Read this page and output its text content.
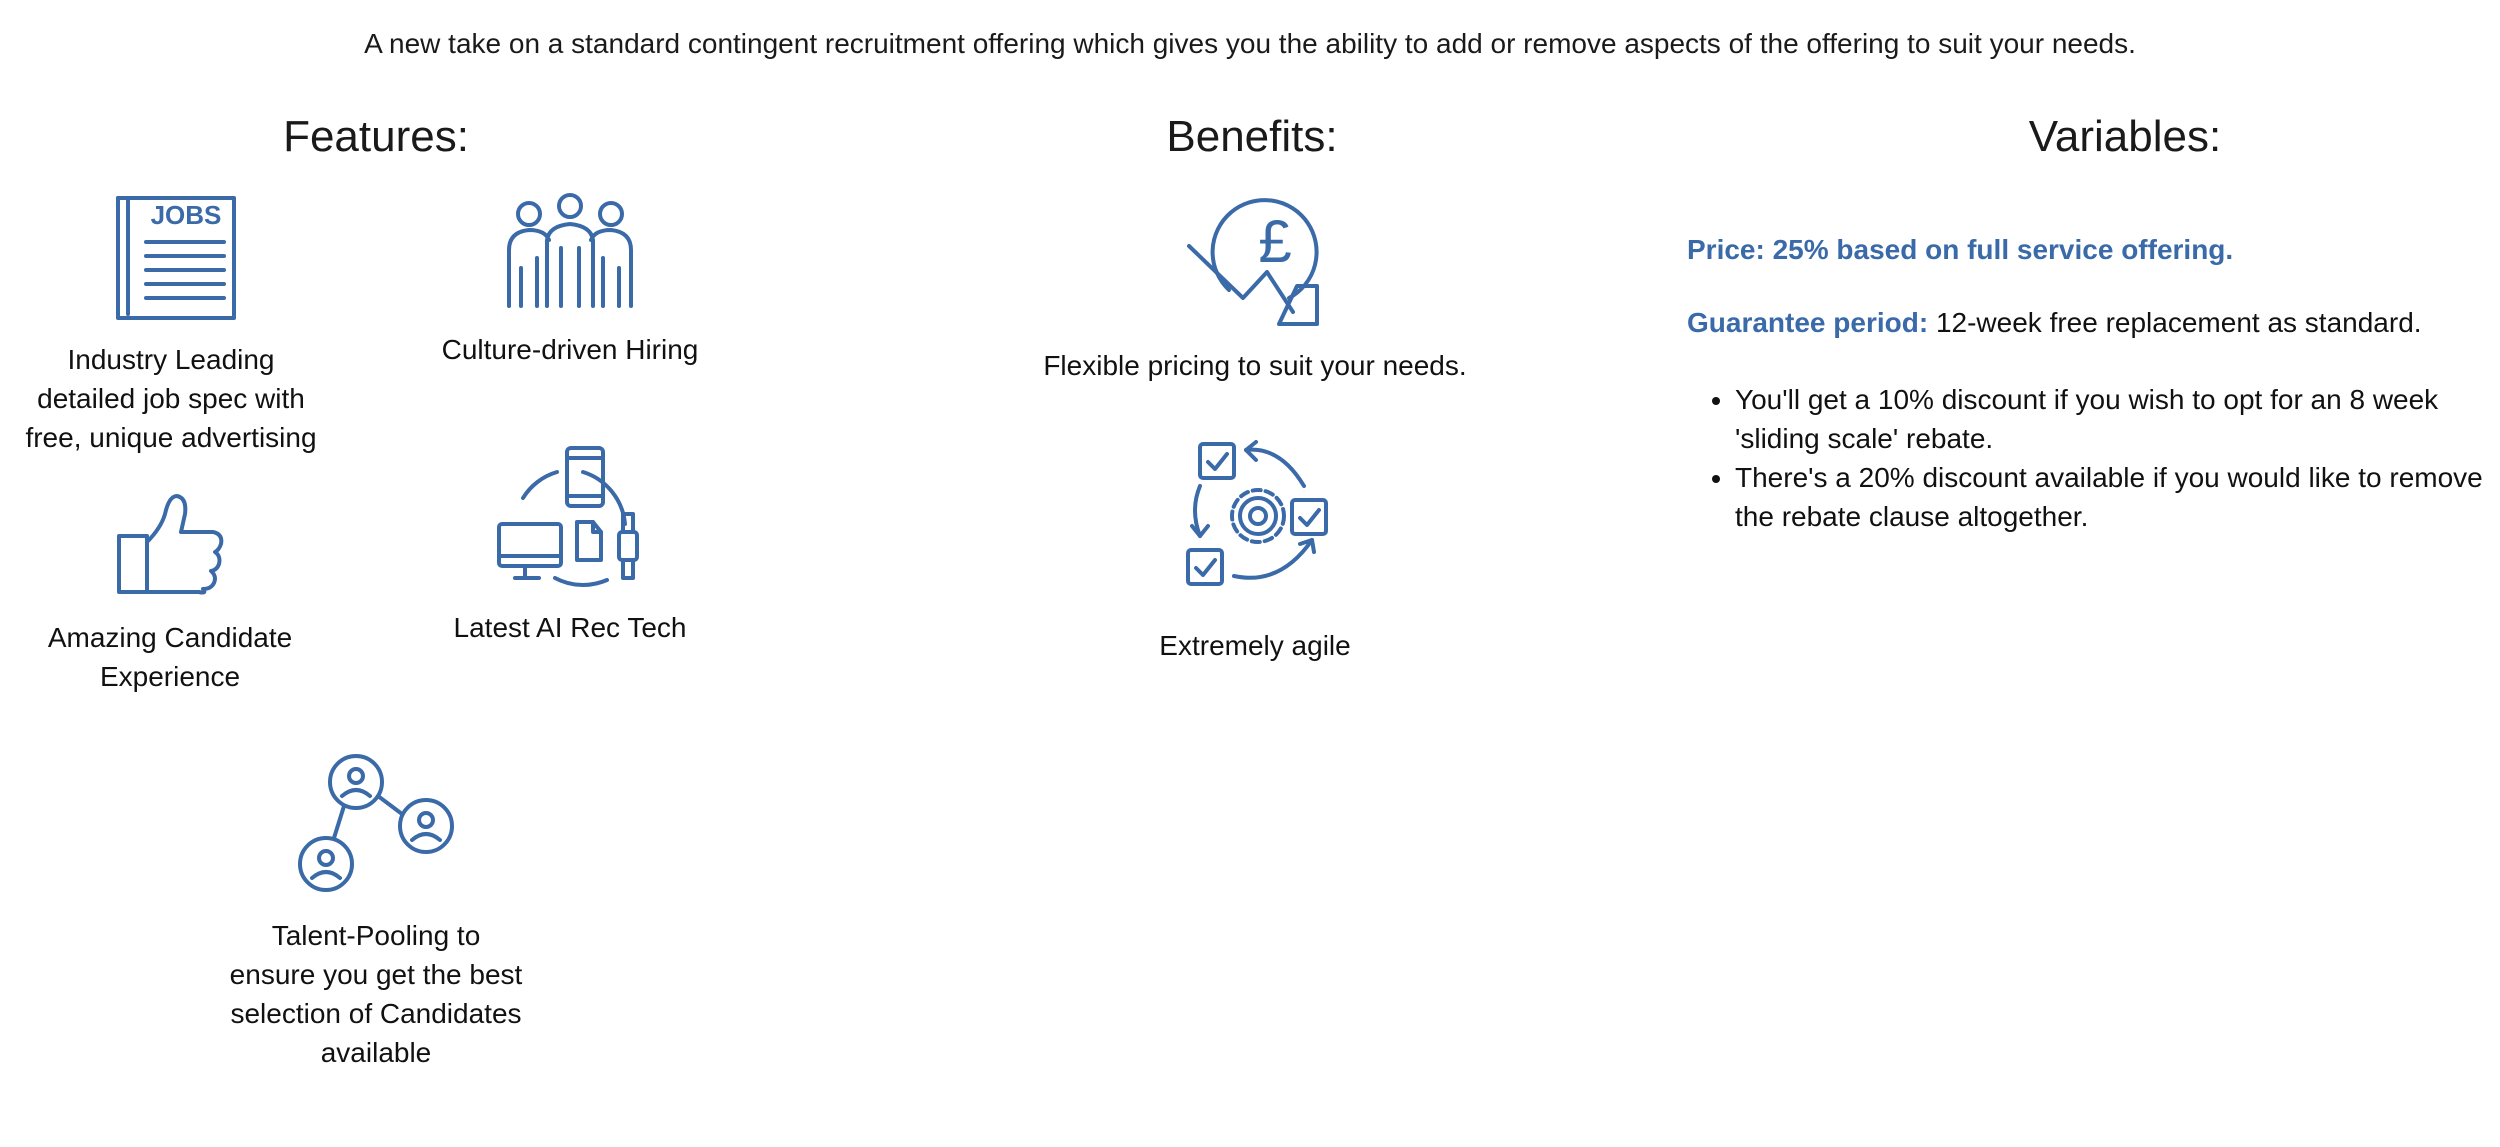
A new take on a standard contingent recruitment offering which gives you the ability to add or remove aspects of the offering to suit your needs.
Features:	Benefits:	Variables:
JOBS
Industry Leading detailed job spec with free, unique advertising
Culture-driven Hiring
Amazing Candidate Experience
Latest AI Rec Tech
Talent-Pooling to ensure you get the best selection of Candidates available
£
Flexible pricing to suit your needs.
Extremely agile
Price: 25% based on full service offering.
Guarantee period: 12-week free replacement as standard.
• You'll get a 10% discount if you wish to opt for an 8 week 'sliding scale' rebate.
• There's a 20% discount available if you would like to remove the rebate clause altogether.
